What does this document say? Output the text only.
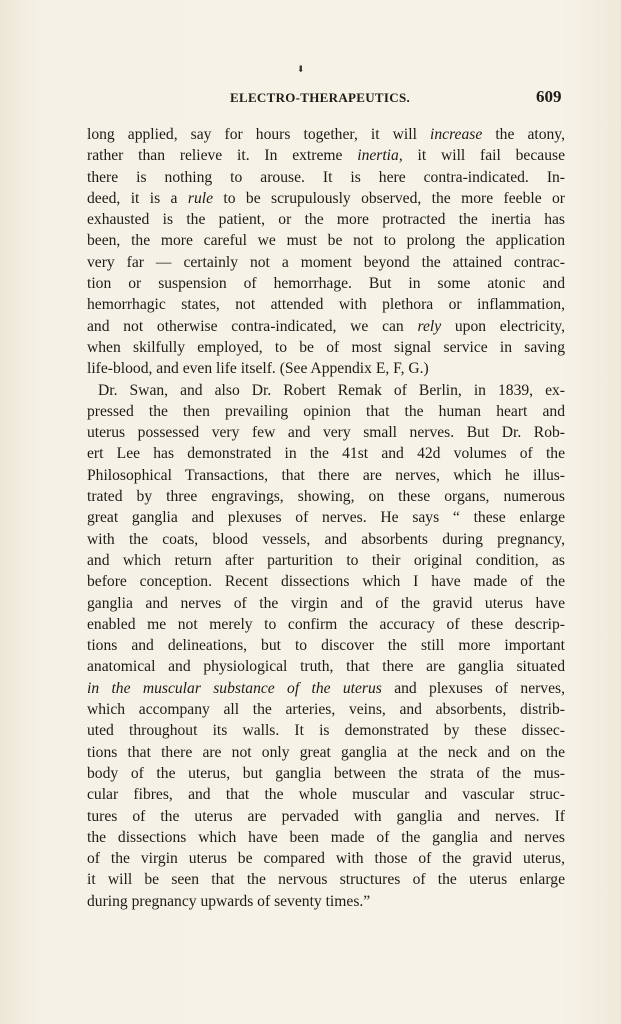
⬇
ELECTRO-THERAPEUTICS.	609
long applied, say for hours together, it will increase the atony,
rather than relieve it. In extreme inertia, it will fail because
there is nothing to arouse. It is here contra-indicated. In-
deed, it is a rule to be scrupulously observed, the more feeble or
exhausted is the patient, or the more protracted the inertia has
been, the more careful we must be not to prolong the application
very far — certainly not a moment beyond the attained contrac-
tion or suspension of hemorrhage. But in some atonic and
hemorrhagic states, not attended with plethora or inflammation,
and not otherwise contra-indicated, we can rely upon electricity,
when skilfully employed, to be of most signal service in saving
life-blood, and even life itself. (See Appendix E, F, G.)
Dr. Swan, and also Dr. Robert Remak of Berlin, in 1839, ex-
pressed the then prevailing opinion that the human heart and
uterus possessed very few and very small nerves. But Dr. Rob-
ert Lee has demonstrated in the 41st and 42d volumes of the
Philosophical Transactions, that there are nerves, which he illus-
trated by three engravings, showing, on these organs, numerous
great ganglia and plexuses of nerves. He says “ these enlarge
with the coats, blood vessels, and absorbents during pregnancy,
and which return after parturition to their original condition, as
before conception. Recent dissections which I have made of the
ganglia and nerves of the virgin and of the gravid uterus have
enabled me not merely to confirm the accuracy of these descrip-
tions and delineations, but to discover the still more important
anatomical and physiological truth, that there are ganglia situated
in the muscular substance of the uterus and plexuses of nerves,
which accompany all the arteries, veins, and absorbents, distrib-
uted throughout its walls. It is demonstrated by these dissec-
tions that there are not only great ganglia at the neck and on the
body of the uterus, but ganglia between the strata of the mus-
cular fibres, and that the whole muscular and vascular struc-
tures of the uterus are pervaded with ganglia and nerves. If
the dissections which have been made of the ganglia and nerves
of the virgin uterus be compared with those of the gravid uterus,
it will be seen that the nervous structures of the uterus enlarge
during pregnancy upwards of seventy times.”
